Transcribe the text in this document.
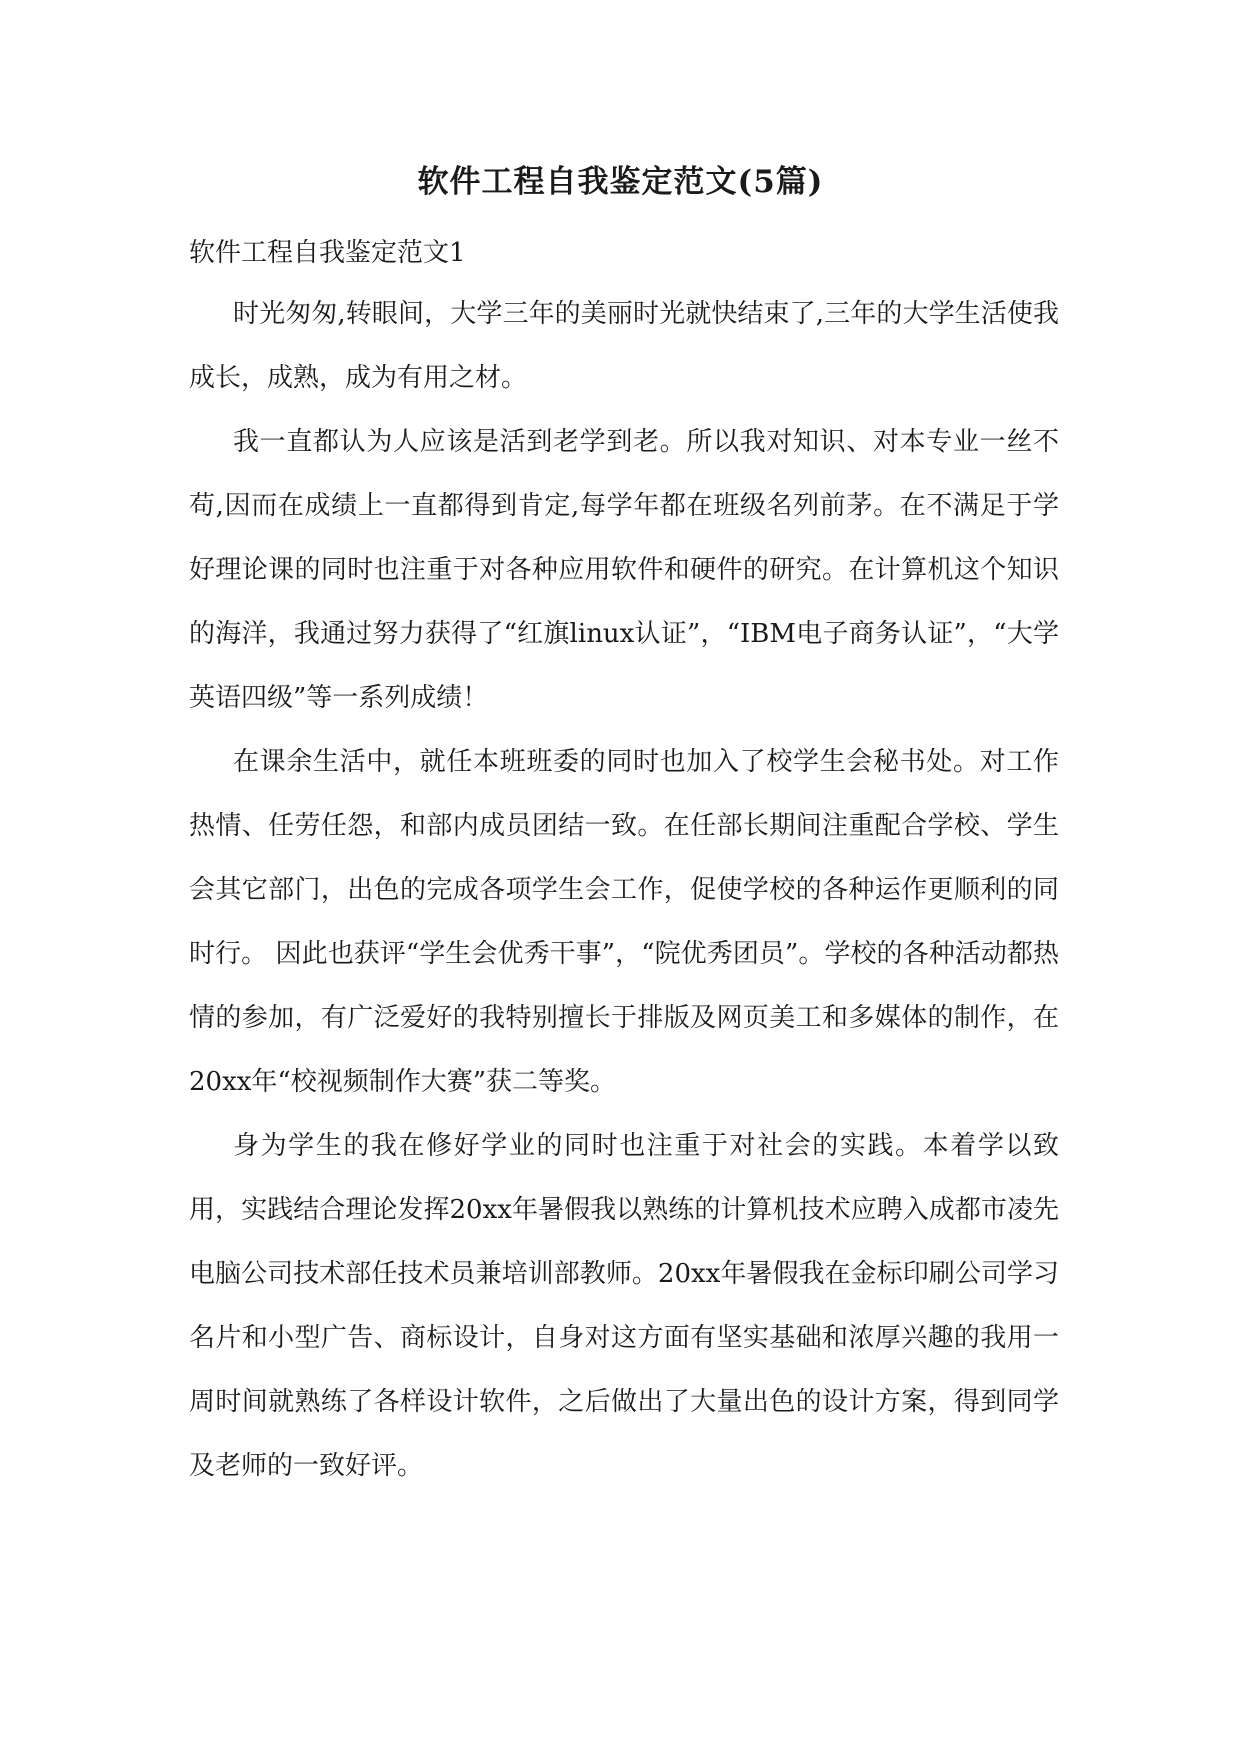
软件工程自我鉴定范文(5篇)

软件工程自我鉴定范文1

时光匆匆,转眼间，大学三年的美丽时光就快结束了,三年的大学生活使我成长，成熟，成为有用之材。

我一直都认为人应该是活到老学到老。所以我对知识、对本专业一丝不苟,因而在成绩上一直都得到肯定,每学年都在班级名列前茅。在不满足于学好理论课的同时也注重于对各种应用软件和硬件的研究。在计算机这个知识的海洋，我通过努力获得了“红旗linux认证”，“IBM电子商务认证”，“大学英语四级”等一系列成绩！

在课余生活中，就任本班班委的同时也加入了校学生会秘书处。对工作热情、任劳任怨，和部内成员团结一致。在任部长期间注重配合学校、学生会其它部门，出色的完成各项学生会工作，促使学校的各种运作更顺利的同时行。 因此也获评“学生会优秀干事”，“院优秀团员”。学校的各种活动都热情的参加，有广泛爱好的我特别擅长于排版及网页美工和多媒体的制作，在20xx年“校视频制作大赛”获二等奖。

身为学生的我在修好学业的同时也注重于对社会的实践。本着学以致用，实践结合理论发挥20xx年暑假我以熟练的计算机技术应聘入成都市凌先电脑公司技术部任技术员兼培训部教师。20xx年暑假我在金标印刷公司学习名片和小型广告、商标设计，自身对这方面有坚实基础和浓厚兴趣的我用一周时间就熟练了各样设计软件，之后做出了大量出色的设计方案，得到同学及老师的一致好评。
